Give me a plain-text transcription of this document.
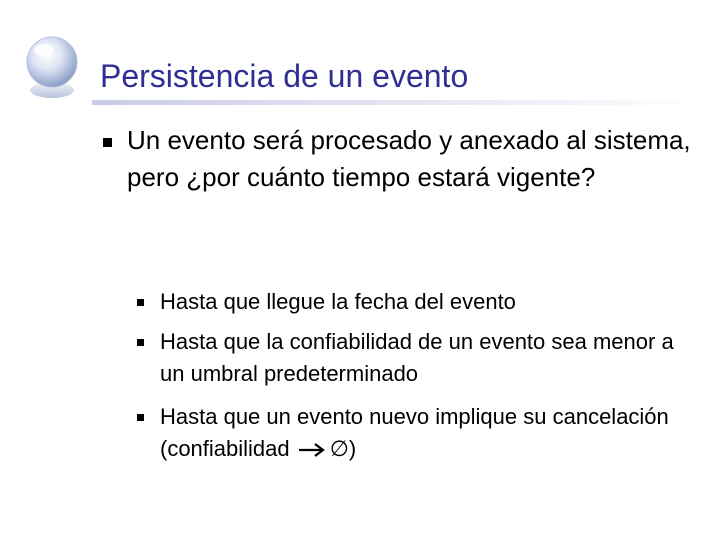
Persistencia de un evento
Un evento será procesado y anexado al sistema, pero ¿por cuánto tiempo estará vigente?
Hasta que llegue la fecha del evento
Hasta que la confiabilidad de un evento sea menor a un umbral predeterminado
Hasta que un evento nuevo implique su cancelación (confiabilidad ∅)
